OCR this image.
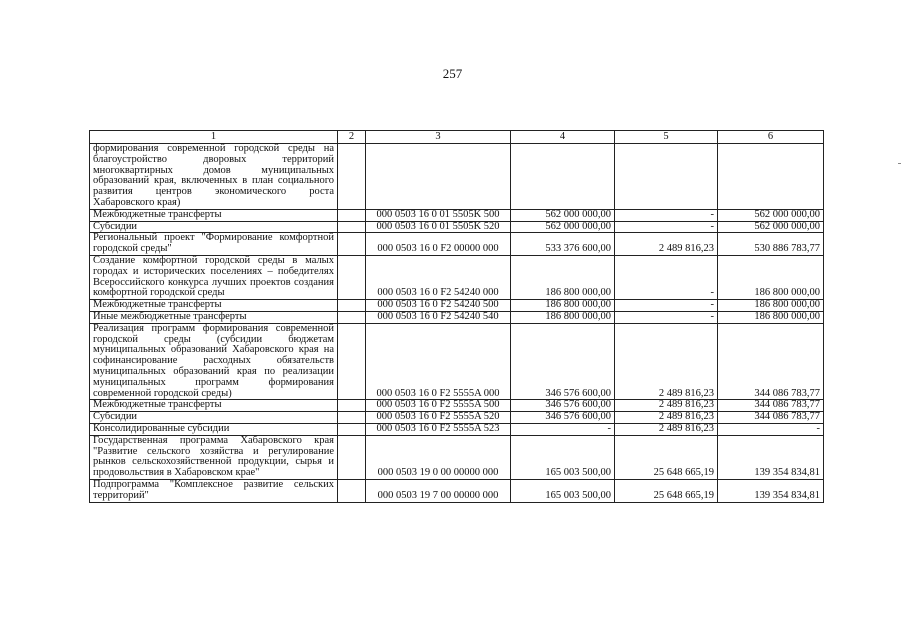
257
1	2	3	4	5	6
формирования современной городской среды на благоустройство дворовых территорий многоквартирных домов муниципальных образований края, включенных в план социального развития центров экономического роста Хабаровского края)					
Межбюджетные трансферты		000 0503 16 0 01 5505K 500	562 000 000,00	-	562 000 000,00
Субсидии		000 0503 16 0 01 5505K 520	562 000 000,00	-	562 000 000,00
Региональный проект "Формирование комфортной городской среды"		000 0503 16 0 F2 00000 000	533 376 600,00	2 489 816,23	530 886 783,77
Создание комфортной городской среды в малых городах и исторических поселениях – победителях Всероссийского конкурса лучших проектов создания комфортной городской среды		000 0503 16 0 F2 54240 000	186 800 000,00	-	186 800 000,00
Межбюджетные трансферты		000 0503 16 0 F2 54240 500	186 800 000,00	-	186 800 000,00
Иные межбюджетные трансферты		000 0503 16 0 F2 54240 540	186 800 000,00	-	186 800 000,00
Реализация программ формирования современной городской среды (субсидии бюджетам муниципальных образований Хабаровского края на софинансирование расходных обязательств муниципальных образований края по реализации муниципальных программ формирования современной городской среды)		000 0503 16 0 F2 5555A 000	346 576 600,00	2 489 816,23	344 086 783,77
Межбюджетные трансферты		000 0503 16 0 F2 5555A 500	346 576 600,00	2 489 816,23	344 086 783,77
Субсидии		000 0503 16 0 F2 5555A 520	346 576 600,00	2 489 816,23	344 086 783,77
Консолидированные субсидии		000 0503 16 0 F2 5555A 523	-	2 489 816,23	-
Государственная программа Хабаровского края "Развитие сельского хозяйства и регулирование рынков сельскохозяйственной продукции, сырья и продовольствия в Хабаровском крае"		000 0503 19 0 00 00000 000	165 003 500,00	25 648 665,19	139 354 834,81
Подпрограмма "Комплексное развитие сельских территорий"		000 0503 19 7 00 00000 000	165 003 500,00	25 648 665,19	139 354 834,81
